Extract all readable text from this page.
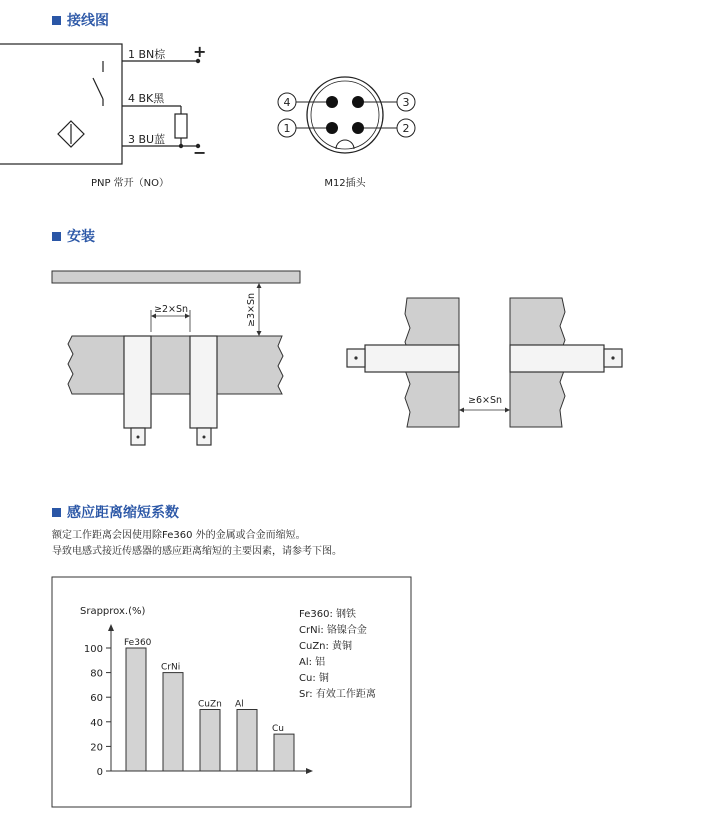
接线图
安装
感应距离缩短系数
额定工作距离会因使用除Fe360 外的金属或合金而缩短。
导致电感式接近传感器的感应距离缩短的主要因素，请参考下图。
1 BN棕
4 BK黑
3 BU蓝
+
−
PNP 常开（NO）
4	3
1	2
M12插头
≥2×Sn	≥3×Sn
≥6×Sn
Srapprox.(%)
0
20
40
60
80
100
Fe360
CrNi
CuZn Al
Cu
Fe360: 钢铁
CrNi: 铬镍合金
CuZn: 黄铜
Al: 铝
Cu: 铜
Sr: 有效工作距离
